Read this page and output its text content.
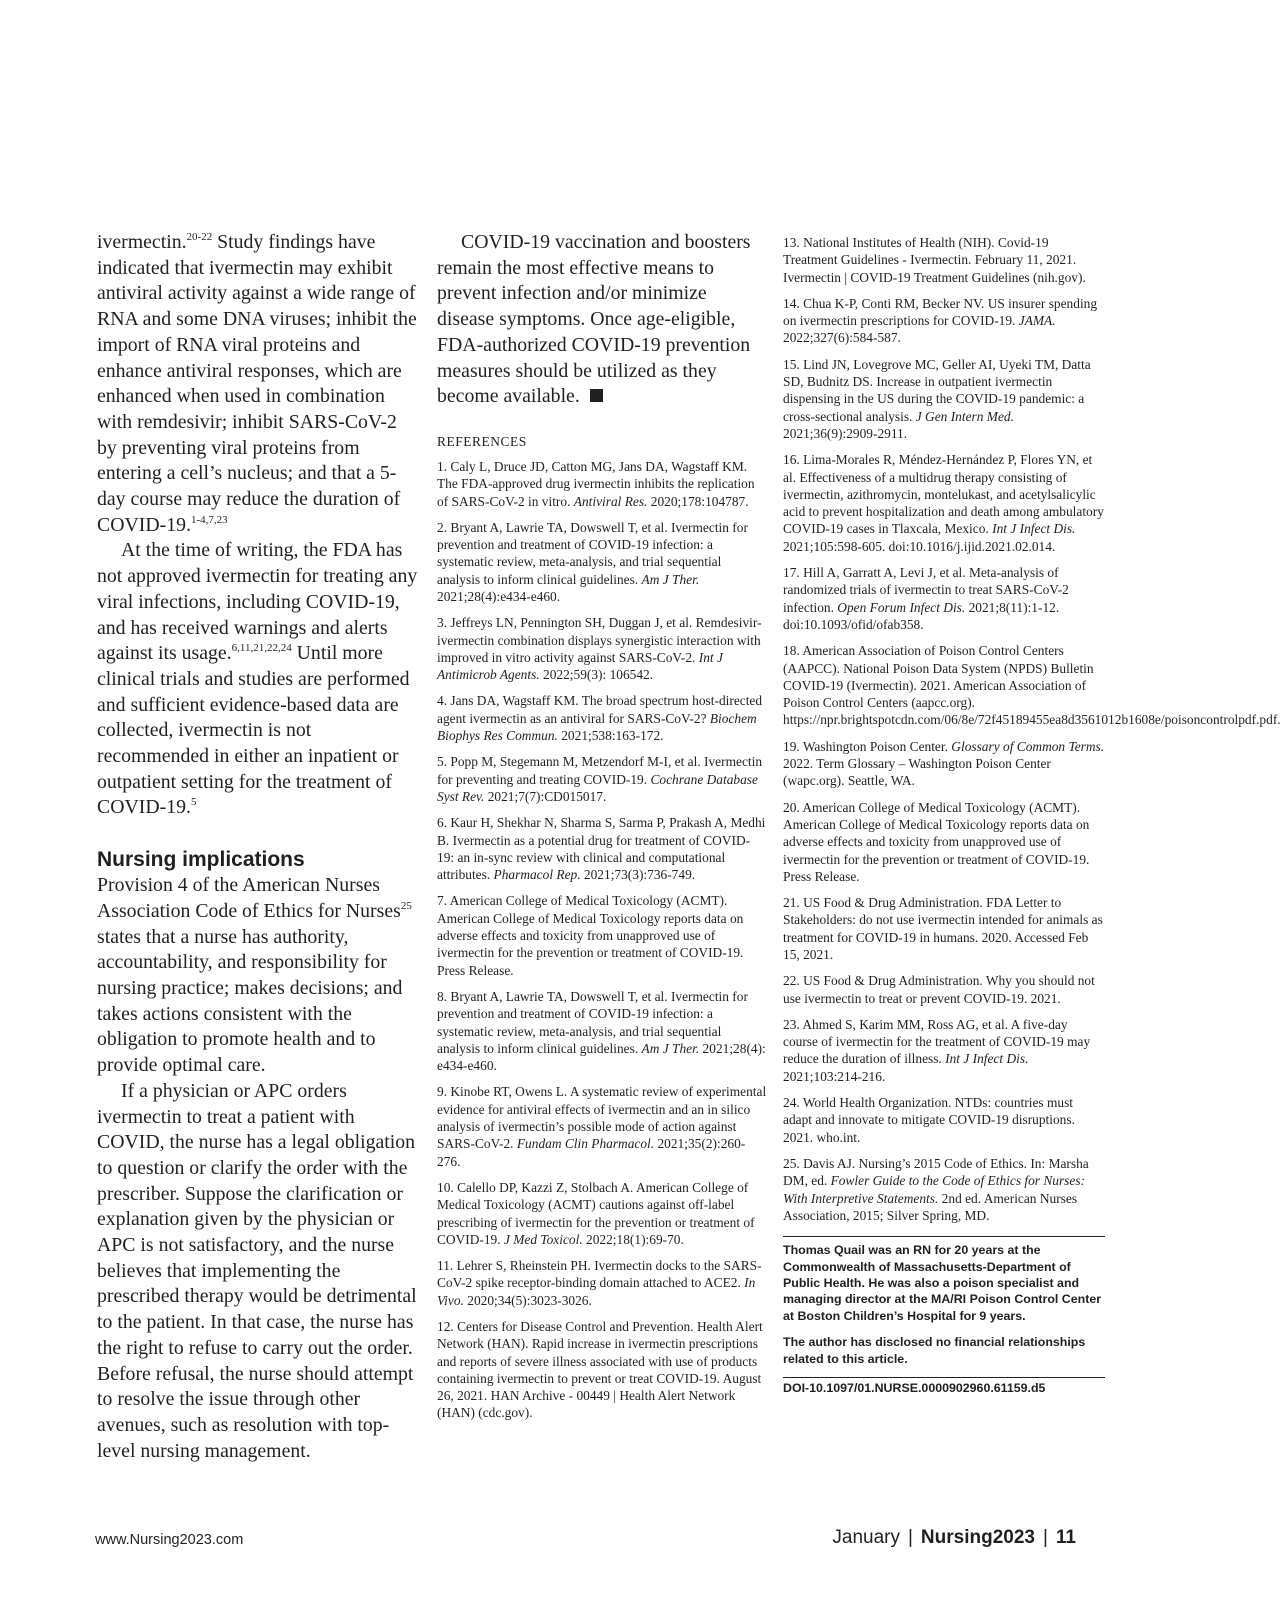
ivermectin.$^{20-22}$ Study findings have indicated that ivermectin may exhibit antiviral activity against a wide range of RNA and some DNA viruses; inhibit the import of RNA viral proteins and enhance antiviral responses, which are enhanced when used in combination with remdesivir; inhibit SARS-CoV-2 by preventing viral proteins from entering a cell’s nucleus; and that a 5-day course may reduce the duration of COVID-19.$^{1-4,7,23}$

At the time of writing, the FDA has not approved ivermectin for treating any viral infections, including COVID-19, and has received warnings and alerts against its usage.$^{6,11,21,22,24}$ Until more clinical trials and studies are performed and sufficient evidence-based data are collected, ivermectin is not recommended in either an inpatient or outpatient setting for the treatment of COVID-19.$^5$

Nursing implications

Provision 4 of the American Nurses Association Code of Ethics for Nurses$^{25}$ states that a nurse has authority, accountability, and responsibility for nursing practice; makes decisions; and takes actions consistent with the obligation to promote health and to provide optimal care.

If a physician or APC orders ivermectin to treat a patient with COVID, the nurse has a legal obligation to question or clarify the order with the prescriber. Suppose the clarification or explanation given by the physician or APC is not satisfactory, and the nurse believes that implementing the prescribed therapy would be detrimental to the patient. In that case, the nurse has the right to refuse to carry out the order. Before refusal, the nurse should attempt to resolve the issue through other avenues, such as resolution with top-level nursing management.

COVID-19 vaccination and boosters remain the most effective means to prevent infection and/or minimize disease symptoms. Once age-eligible, FDA-authorized COVID-19 prevention measures should be utilized as they become available.

REFERENCES

1. Caly L, Druce JD, Catton MG, Jans DA, Wagstaff KM. The FDA-approved drug ivermectin inhibits the replication of SARS-CoV-2 in vitro. Antiviral Res. 2020;178:104787.

2. Bryant A, Lawrie TA, Dowswell T, et al. Ivermectin for prevention and treatment of COVID-19 infection: a systematic review, meta-analysis, and trial sequential analysis to inform clinical guidelines. Am J Ther. 2021;28(4):e434-e460.

3. Jeffreys LN, Pennington SH, Duggan J, et al. Remdesivir-ivermectin combination displays synergistic interaction with improved in vitro activity against SARS-CoV-2. Int J Antimicrob Agents. 2022;59(3): 106542.

4. Jans DA, Wagstaff KM. The broad spectrum host-directed agent ivermectin as an antiviral for SARS-CoV-2? Biochem Biophys Res Commun. 2021;538:163-172.

5. Popp M, Stegemann M, Metzendorf M-I, et al. Ivermectin for preventing and treating COVID-19. Cochrane Database Syst Rev. 2021;7(7):CD015017.

6. Kaur H, Shekhar N, Sharma S, Sarma P, Prakash A, Medhi B. Ivermectin as a potential drug for treatment of COVID-19: an in-sync review with clinical and computational attributes. Pharmacol Rep. 2021;73(3):736-749.

7. American College of Medical Toxicology (ACMT). American College of Medical Toxicology reports data on adverse effects and toxicity from unapproved use of ivermectin for the prevention or treatment of COVID-19. Press Release.

8. Bryant A, Lawrie TA, Dowswell T, et al. Ivermectin for prevention and treatment of COVID-19 infection: a systematic review, meta-analysis, and trial sequential analysis to inform clinical guidelines. Am J Ther. 2021;28(4): e434-e460.

9. Kinobe RT, Owens L. A systematic review of experimental evidence for antiviral effects of ivermectin and an in silico analysis of ivermectin’s possible mode of action against SARS-CoV-2. Fundam Clin Pharmacol. 2021;35(2):260-276.

10. Calello DP, Kazzi Z, Stolbach A. American College of Medical Toxicology (ACMT) cautions against off-label prescribing of ivermectin for the prevention or treatment of COVID-19. J Med Toxicol. 2022;18(1):69-70.

11. Lehrer S, Rheinstein PH. Ivermectin docks to the SARS-CoV-2 spike receptor-binding domain attached to ACE2. In Vivo. 2020;34(5):3023-3026.

12. Centers for Disease Control and Prevention. Health Alert Network (HAN). Rapid increase in ivermectin prescriptions and reports of severe illness associated with use of products containing ivermectin to prevent or treat COVID-19. August 26, 2021. HAN Archive - 00449 | Health Alert Network (HAN) (cdc.gov).

13. National Institutes of Health (NIH). Covid-19 Treatment Guidelines - Ivermectin. February 11, 2021. Ivermectin | COVID-19 Treatment Guidelines (nih.gov).

14. Chua K-P, Conti RM, Becker NV. US insurer spending on ivermectin prescriptions for COVID-19. JAMA. 2022;327(6):584-587.

15. Lind JN, Lovegrove MC, Geller AI, Uyeki TM, Datta SD, Budnitz DS. Increase in outpatient ivermectin dispensing in the US during the COVID-19 pandemic: a cross-sectional analysis. J Gen Intern Med. 2021;36(9):2909-2911.

16. Lima-Morales R, Méndez-Hernández P, Flores YN, et al. Effectiveness of a multidrug therapy consisting of ivermectin, azithromycin, montelukast, and acetylsalicylic acid to prevent hospitalization and death among ambulatory COVID-19 cases in Tlaxcala, Mexico. Int J Infect Dis. 2021;105:598-605. doi:10.1016/j.ijid.2021.02.014.

17. Hill A, Garratt A, Levi J, et al. Meta-analysis of randomized trials of ivermectin to treat SARS-CoV-2 infection. Open Forum Infect Dis. 2021;8(11):1-12. doi:10.1093/ofid/ofab358.

18. American Association of Poison Control Centers (AAPCC). National Poison Data System (NPDS) Bulletin COVID-19 (Ivermectin). 2021. American Association of Poison Control Centers (aapcc.org). https://npr.brightspotcdn.com/06/8e/72f45189455ea8d3561012b1608e/poisoncontrolpdf.pdf.

19. Washington Poison Center. Glossary of Common Terms. 2022. Term Glossary – Washington Poison Center (wapc.org). Seattle, WA.

20. American College of Medical Toxicology (ACMT). American College of Medical Toxicology reports data on adverse effects and toxicity from unapproved use of ivermectin for the prevention or treatment of COVID-19. Press Release.

21. US Food & Drug Administration. FDA Letter to Stakeholders: do not use ivermectin intended for animals as treatment for COVID-19 in humans. 2020. Accessed Feb 15, 2021.

22. US Food & Drug Administration. Why you should not use ivermectin to treat or prevent COVID-19. 2021.

23. Ahmed S, Karim MM, Ross AG, et al. A five-day course of ivermectin for the treatment of COVID-19 may reduce the duration of illness. Int J Infect Dis. 2021;103:214-216.

24. World Health Organization. NTDs: countries must adapt and innovate to mitigate COVID-19 disruptions. 2021. who.int.

25. Davis AJ. Nursing’s 2015 Code of Ethics. In: Marsha DM, ed. Fowler Guide to the Code of Ethics for Nurses: With Interpretive Statements. 2nd ed. American Nurses Association, 2015; Silver Spring, MD.

Thomas Quail was an RN for 20 years at the Commonwealth of Massachusetts-Department of Public Health. He was also a poison specialist and managing director at the MA/RI Poison Control Center at Boston Children’s Hospital for 9 years.

The author has disclosed no financial relationships related to this article.

DOI-10.1097/01.NURSE.0000902960.61159.d5
www.Nursing2023.com	January | Nursing2023 | 11
